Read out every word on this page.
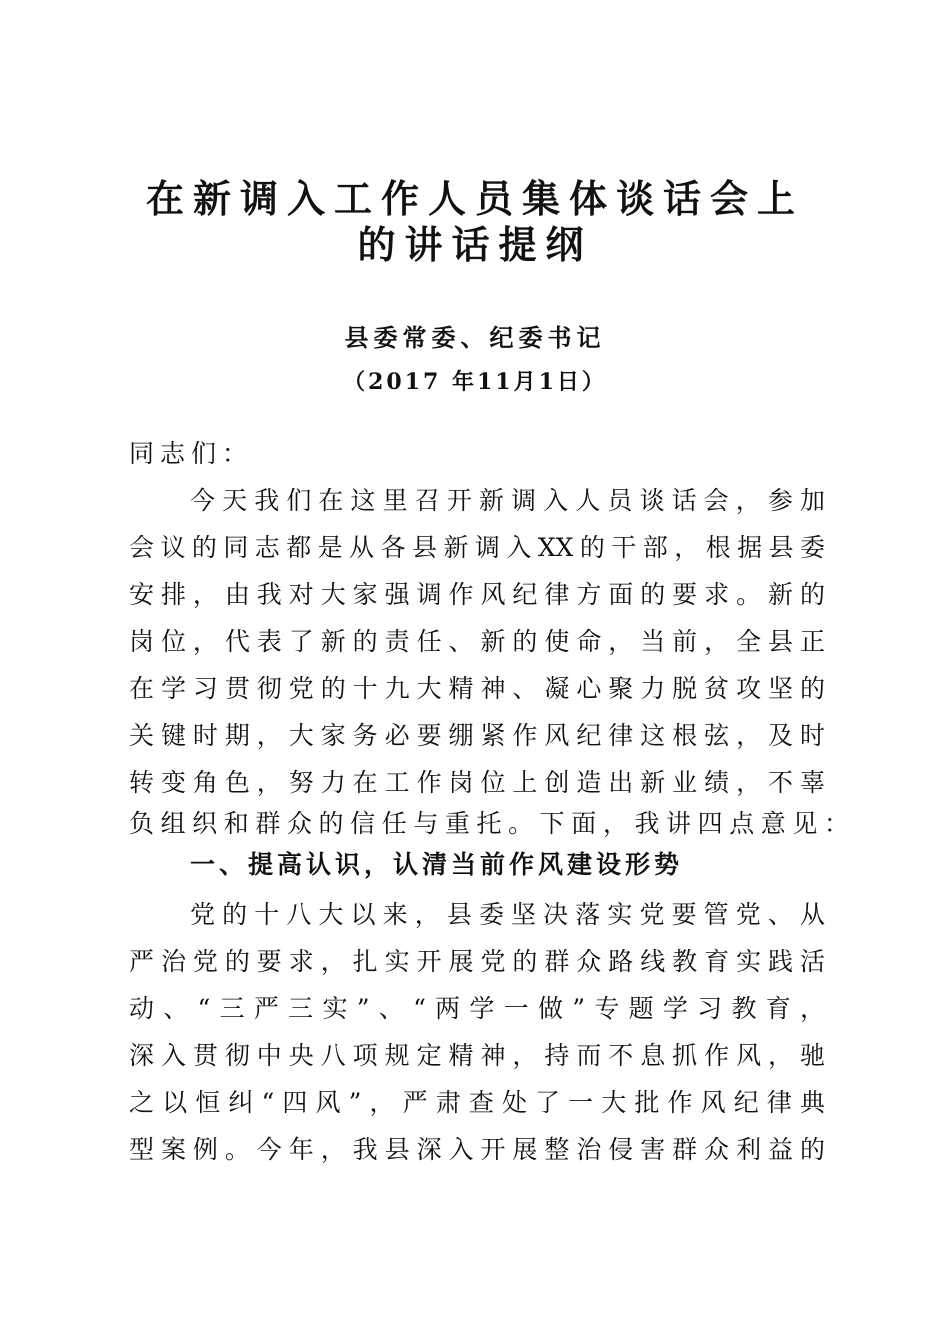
在新调入工作人员集体谈话会上
的讲话提纲
县委常委、纪委书记
（2017 年11月1日）
同志们：
今天我们在这里召开新调入人员谈话会，参加
会议的同志都是从各县新调入XX的干部，根据县委
安排，由我对大家强调作风纪律方面的要求。新的
岗位，代表了新的责任、新的使命，当前，全县正
在学习贯彻党的十九大精神、凝心聚力脱贫攻坚的
关键时期，大家务必要绷紧作风纪律这根弦，及时
转变角色，努力在工作岗位上创造出新业绩，不辜
负组织和群众的信任与重托。下面，我讲四点意见：
一、提高认识，认清当前作风建设形势
党的十八大以来，县委坚决落实党要管党、从
严治党的要求，扎实开展党的群众路线教育实践活
动、“三严三实”、“两学一做”专题学习教育，
深入贯彻中央八项规定精神，持而不息抓作风，驰
之以恒纠“四风”，严肃查处了一大批作风纪律典
型案例。今年，我县深入开展整治侵害群众利益的
